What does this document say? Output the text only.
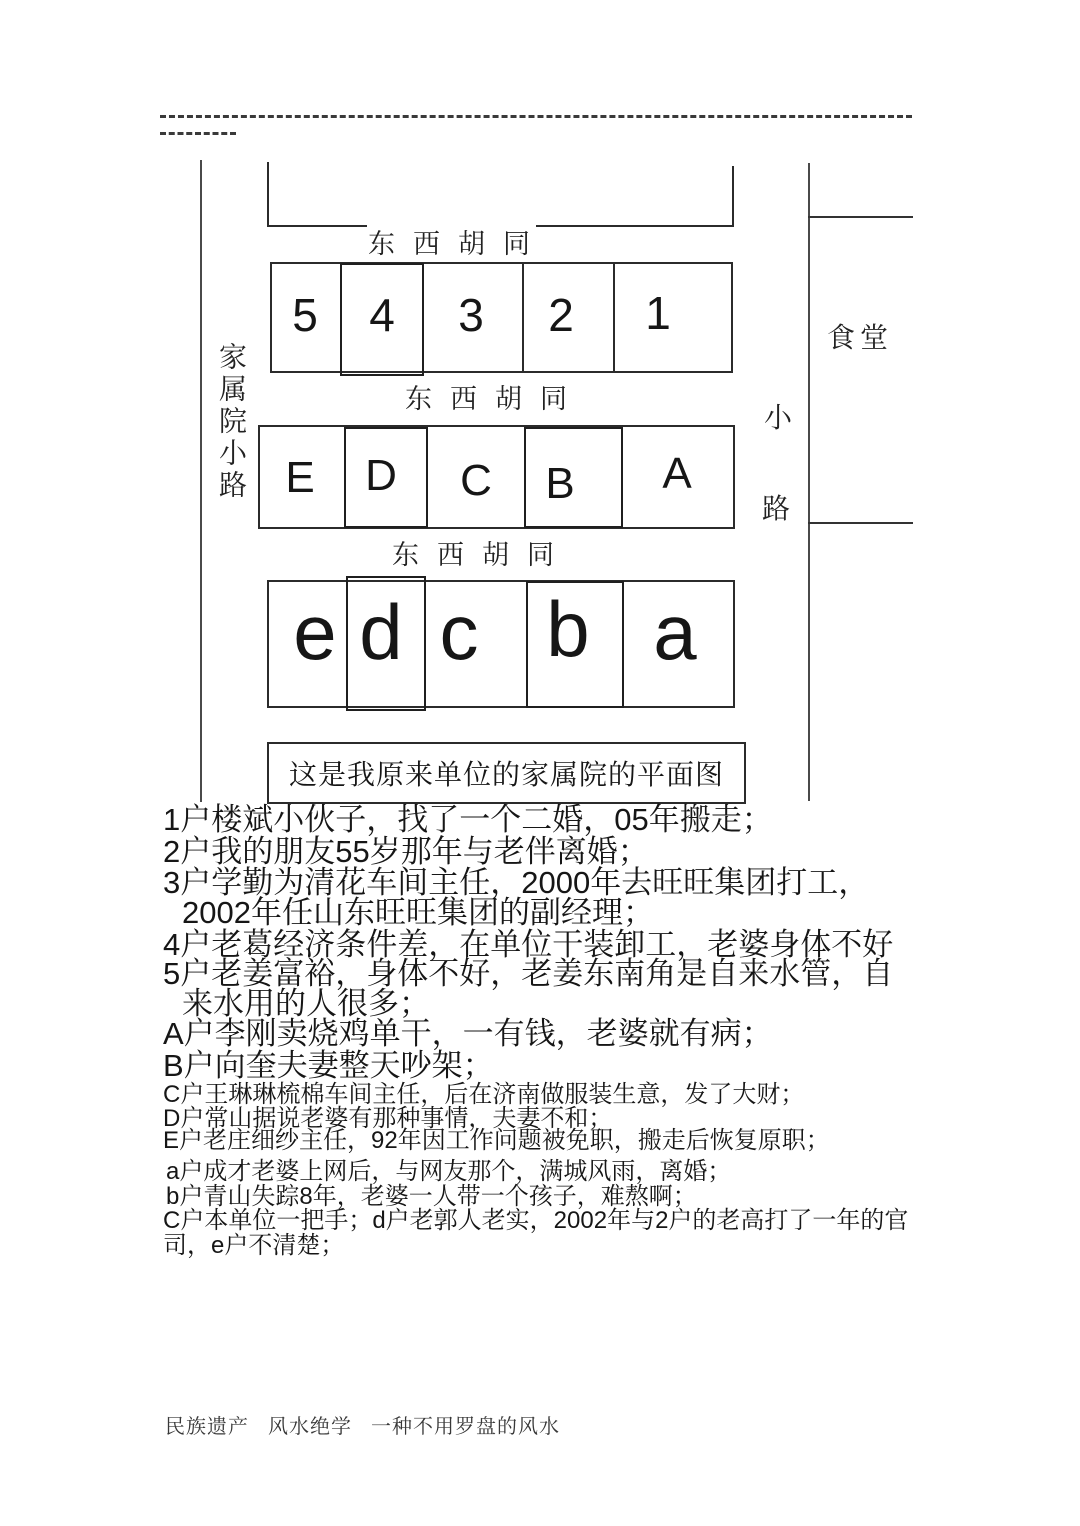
家属院小路
东西胡同
5 4 3 2 1
东西胡同
E D C B A
东西胡同
e d c b a
这是我原来单位的家属院的平面图
食堂
小
路
1户楼斌小伙子，找了一个二婚，05年搬走；
2户我的朋友55岁那年与老伴离婚；
3户学勤为清花车间主任，2000年去旺旺集团打工，
2002年任山东旺旺集团的副经理；
4户老葛经济条件差，在单位干装卸工，老婆身体不好
5户老姜富裕，身体不好，老姜东南角是自来水管，自
来水用的人很多；
A户李刚卖烧鸡单干，一有钱，老婆就有病；
B户向奎夫妻整天吵架；
C户王琳琳梳棉车间主任，后在济南做服装生意，发了大财；
D户常山据说老婆有那种事情，夫妻不和；
E户老庄细纱主任，92年因工作问题被免职，搬走后恢复原职；
a户成才老婆上网后，与网友那个，满城风雨，离婚；
b户青山失踪8年，老婆一人带一个孩子，难熬啊；
C户本单位一把手；d户老郭人老实，2002年与2户的老高打了一年的官
司，e户不清楚；
民族遗产 风水绝学 一种不用罗盘的风水
